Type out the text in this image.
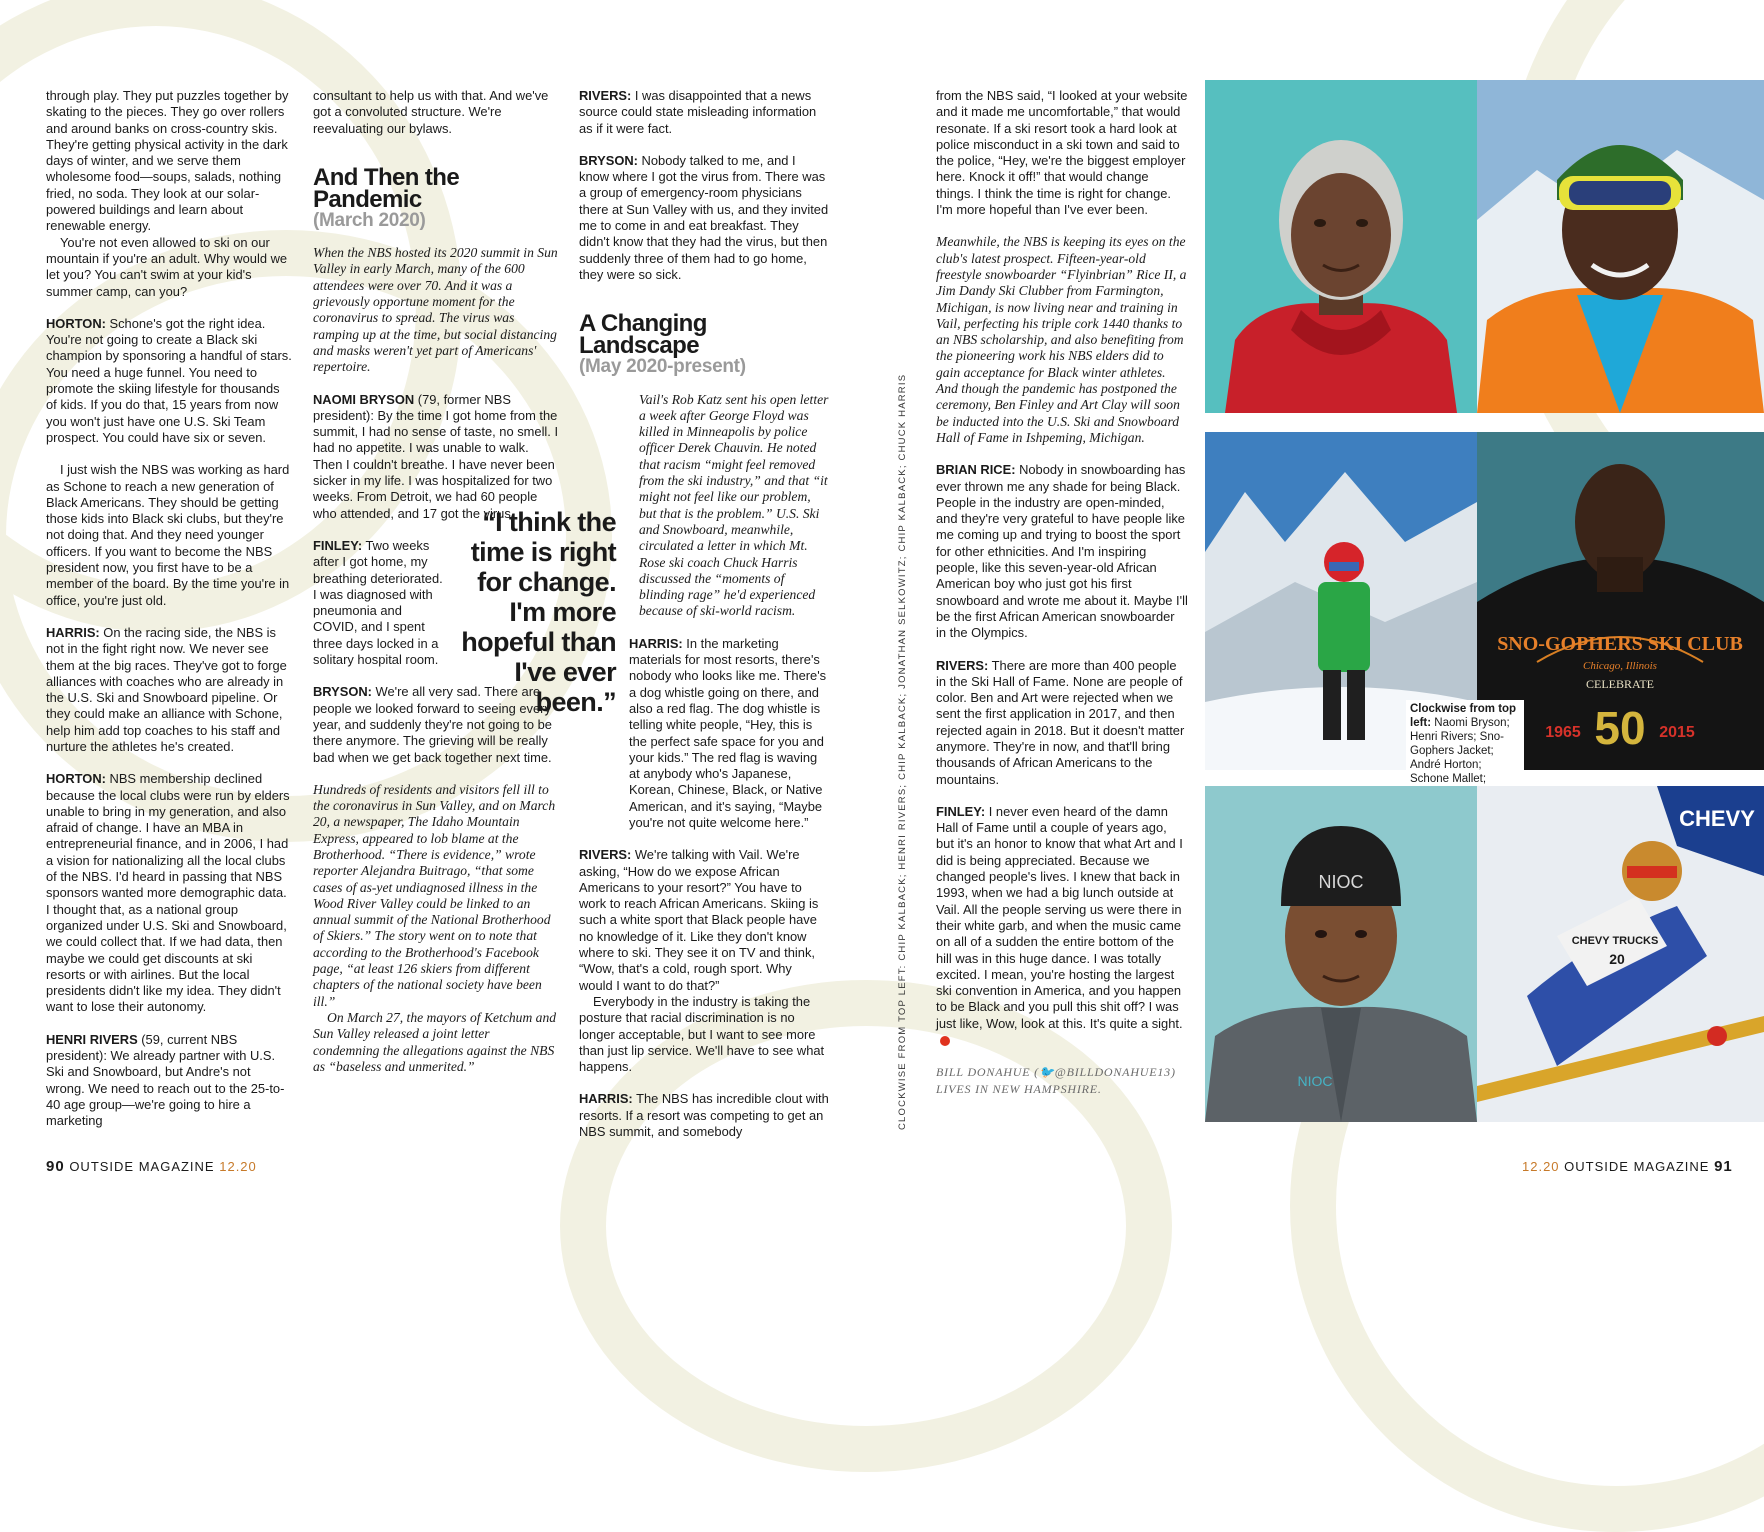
through play. They put puzzles together by skating to the pieces. They go over rollers and around banks on cross-country skis. They're getting physical activity in the dark days of winter, and we serve them wholesome food—soups, salads, nothing fried, no soda. They look at our solar-powered buildings and learn about renewable energy.

You're not even allowed to ski on our mountain if you're an adult. Why would we let you? You can't swim at your kid's summer camp, can you?

HORTON: Schone's got the right idea. You're not going to create a Black ski champion by sponsoring a handful of stars. You need a huge funnel. You need to promote the skiing lifestyle for thousands of kids. If you do that, 15 years from now you won't just have one U.S. Ski Team prospect. You could have six or seven.

I just wish the NBS was working as hard as Schone to reach a new generation of Black Americans. They should be getting those kids into Black ski clubs, but they're not doing that. And they need younger officers. If you want to become the NBS president now, you first have to be a member of the board. By the time you're in office, you're just old.

HARRIS: On the racing side, the NBS is not in the fight right now. We never see them at the big races. They've got to forge alliances with coaches who are already in the U.S. Ski and Snowboard pipeline. Or they could make an alliance with Schone, help him add top coaches to his staff and nurture the athletes he's created.

HORTON: NBS membership declined because the local clubs were run by elders unable to bring in my generation, and also afraid of change. I have an MBA in entrepreneurial finance, and in 2006, I had a vision for nationalizing all the local clubs of the NBS. I'd heard in passing that NBS sponsors wanted more demographic data. I thought that, as a national group organized under U.S. Ski and Snowboard, we could collect that. If we had data, then maybe we could get discounts at ski resorts or with airlines. But the local presidents didn't like my idea. They didn't want to lose their autonomy.

HENRI RIVERS (59, current NBS president): We already partner with U.S. Ski and Snowboard, but Andre's not wrong. We need to reach out to the 25-to-40 age group—we're going to hire a marketing

consultant to help us with that. And we've got a convoluted structure. We're reevaluating our bylaws.

And Then the Pandemic
(March 2020)

When the NBS hosted its 2020 summit in Sun Valley in early March, many of the 600 attendees were over 70. And it was a grievously opportune moment for the coronavirus to spread. The virus was ramping up at the time, but social distancing and masks weren't yet part of Americans' repertoire.

NAOMI BRYSON (79, former NBS president): By the time I got home from the summit, I had no sense of taste, no smell. I had no appetite. I was unable to walk. Then I couldn't breathe. I have never been sicker in my life. I was hospitalized for two weeks. From Detroit, we had 60 people who attended, and 17 got the virus.

FINLEY: Two weeks after I got home, my breathing deteriorated. I was diagnosed with pneumonia and COVID, and I spent three days locked in a solitary hospital room.

BRYSON: We're all very sad. There are people we looked forward to seeing every year, and suddenly they're not going to be there anymore. The grieving will be really bad when we get back together next time.

Hundreds of residents and visitors fell ill to the coronavirus in Sun Valley, and on March 20, a newspaper, The Idaho Mountain Express, appeared to lob blame at the Brotherhood. “There is evidence,” wrote reporter Alejandra Buitrago, “that some cases of as-yet undiagnosed illness in the Wood River Valley could be linked to an annual summit of the National Brotherhood of Skiers.” The story went on to note that according to the Brotherhood's Facebook page, “at least 126 skiers from different chapters of the national society have been ill.”

On March 27, the mayors of Ketchum and Sun Valley released a joint letter condemning the allegations against the NBS as “baseless and unmerited.”

“I think the time is right for change. I'm more hopeful than I've ever been.”

RIVERS: I was disappointed that a news source could state misleading information as if it were fact.

BRYSON: Nobody talked to me, and I know where I got the virus from. There was a group of emergency-room physicians there at Sun Valley with us, and they invited me to come in and eat breakfast. They didn't know that they had the virus, but then suddenly three of them had to go home, they were so sick.

A Changing Landscape
(May 2020-present)

Vail's Rob Katz sent his open letter a week after George Floyd was killed in Minneapolis by police officer Derek Chauvin. He noted that racism “might feel removed from the ski industry,” and that “it might not feel like our problem, but that is the problem.” U.S. Ski and Snowboard, meanwhile, circulated a letter in which Mt. Rose ski coach Chuck Harris discussed the “moments of blinding rage” he'd experienced because of ski-world racism.

HARRIS: In the marketing materials for most resorts, there's nobody who looks like me. There's a dog whistle going on there, and also a red flag. The dog whistle is telling white people, “Hey, this is the perfect safe space for you and your kids.” The red flag is waving at anybody who's Japanese, Korean, Chinese, Black, or Native American, and it's saying, “Maybe you're not quite welcome here.”

RIVERS: We're talking with Vail. We're asking, “How do we expose African Americans to your resort?” You have to work to reach African Americans. Skiing is such a white sport that Black people have no knowledge of it. Like they don't know where to ski. They see it on TV and think, “Wow, that's a cold, rough sport. Why would I want to do that?”

Everybody in the industry is taking the posture that racial discrimination is no longer acceptable, but I want to see more than just lip service. We'll have to see what happens.

HARRIS: The NBS has incredible clout with resorts. If a resort was competing to get an NBS summit, and somebody

90 OUTSIDE MAGAZINE 12.20
CLOCKWISE FROM TOP LEFT: CHIP KALBACK; HENRI RIVERS; CHIP KALBACK; JONATHAN SELKOWITZ; CHIP KALBACK; CHUCK HARRIS

from the NBS said, “I looked at your website and it made me uncomfortable,” that would resonate. If a ski resort took a hard look at police misconduct in a ski town and said to the police, “Hey, we're the biggest employer here. Knock it off!” that would change things. I think the time is right for change. I'm more hopeful than I've ever been.

Meanwhile, the NBS is keeping its eyes on the club's latest prospect. Fifteen-year-old freestyle snowboarder “Flyinbrian” Rice II, a Jim Dandy Ski Clubber from Farmington, Michigan, is now living near and training in Vail, perfecting his triple cork 1440 thanks to an NBS scholarship, and also benefiting from the pioneering work his NBS elders did to gain acceptance for Black winter athletes. And though the pandemic has postponed the ceremony, Ben Finley and Art Clay will soon be inducted into the U.S. Ski and Snowboard Hall of Fame in Ishpeming, Michigan.

BRIAN RICE: Nobody in snowboarding has ever thrown me any shade for being Black. People in the industry are open-minded, and they're very grateful to have people like me coming up and trying to boost the sport for other ethnicities. And I'm inspiring people, like this seven-year-old African American boy who just got his first snowboard and wrote me about it. Maybe I'll be the first African American snowboarder in the Olympics.

RIVERS: There are more than 400 people in the Ski Hall of Fame. None are people of color. Ben and Art were rejected when we sent the first application in 2017, and then rejected again in 2018. But it doesn't matter anymore. They're in now, and that'll bring thousands of African Americans to the mountains.

FINLEY: I never even heard of the damn Hall of Fame until a couple of years ago, but it's an honor to know that what Art and I did is being appreciated. Because we changed people's lives. I knew that back in 1993, when we had a big lunch outside at Vail. All the people serving us were there in their white garb, and when the music came on all of a sudden the entire bottom of the hill was in this huge dance. I was totally excited. I mean, you're hosting the largest ski convention in America, and you happen to be Black and you pull this shit off? I was just like, Wow, look at this. It's quite a sight.

BILL DONAHUE (🐦@BILLDONAHUE13)
LIVES IN NEW HAMPSHIRE.

SNO-GOPHERS SKI CLUB
Chicago, Illinois
CELEBRATE
1965 50 2015
Clockwise from top left: Naomi Bryson; Henri Rivers; Sno-Gophers Jacket; André Horton; Schone Mallet;
NIOC
NIOC
CHEVY
CHEVY TRUCKS
20
12.20 OUTSIDE MAGAZINE 91
